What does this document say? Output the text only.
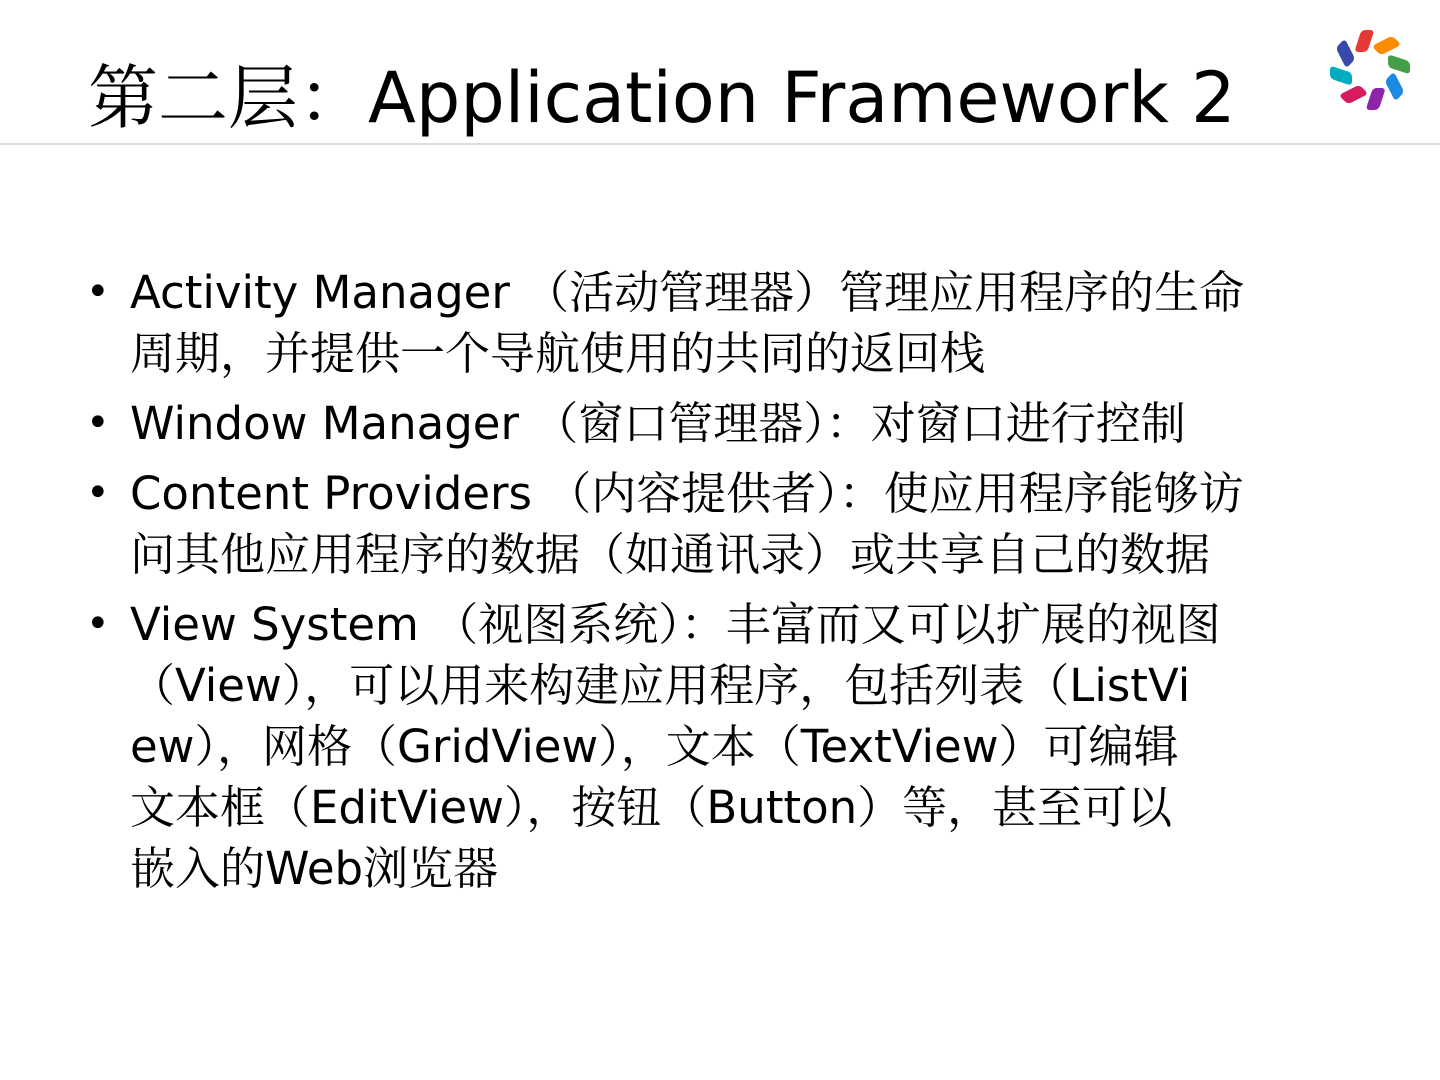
第二层：Application Framework 2
• Activity Manager （活动管理器）管理应用程序的生命
周期，并提供一个导航使用的共同的返回栈
• Window Manager （窗口管理器）：对窗口进行控制
• Content Providers （内容提供者）：使应用程序能够访
问其他应用程序的数据（如通讯录）或共享自己的数据
• View System （视图系统）：丰富而又可以扩展的视图
（View），可以用来构建应用程序，包括列表（ListVi
ew），网格（GridView），文本（TextView）可编辑
文本框（EditView），按钮（Button）等，甚至可以
嵌入的Web浏览器
